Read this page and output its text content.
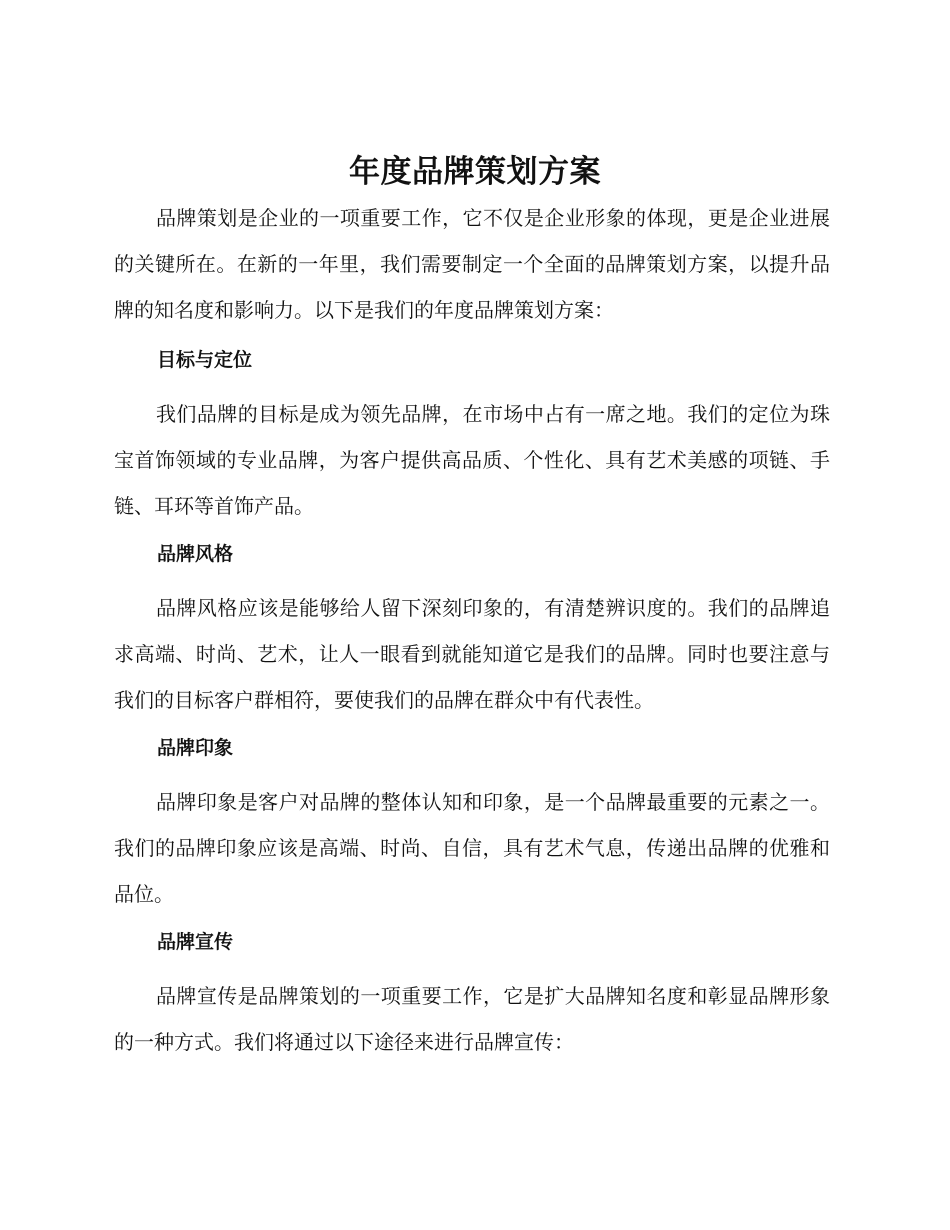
年度品牌策划方案

品牌策划是企业的一项重要工作，它不仅是企业形象的体现，更是企业进展的关键所在。在新的一年里，我们需要制定一个全面的品牌策划方案，以提升品牌的知名度和影响力。以下是我们的年度品牌策划方案：

目标与定位

我们品牌的目标是成为领先品牌，在市场中占有一席之地。我们的定位为珠宝首饰领域的专业品牌，为客户提供高品质、个性化、具有艺术美感的项链、手链、耳环等首饰产品。

品牌风格

品牌风格应该是能够给人留下深刻印象的，有清楚辨识度的。我们的品牌追求高端、时尚、艺术，让人一眼看到就能知道它是我们的品牌。同时也要注意与我们的目标客户群相符，要使我们的品牌在群众中有代表性。

品牌印象

品牌印象是客户对品牌的整体认知和印象，是一个品牌最重要的元素之一。我们的品牌印象应该是高端、时尚、自信，具有艺术气息，传递出品牌的优雅和品位。

品牌宣传

品牌宣传是品牌策划的一项重要工作，它是扩大品牌知名度和彰显品牌形象的一种方式。我们将通过以下途径来进行品牌宣传：
